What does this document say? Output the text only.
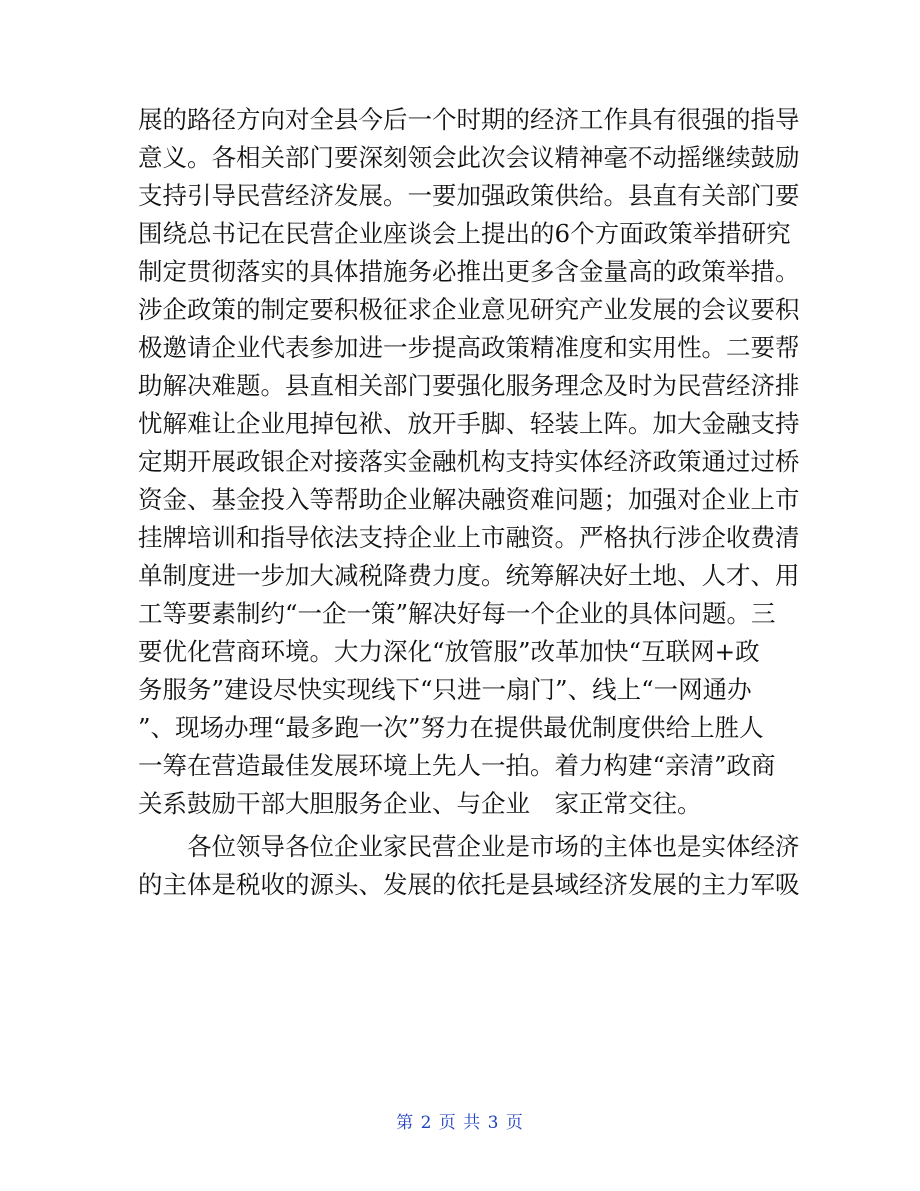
展的路径方向对全县今后一个时期的经济工作具有很强的指导
意义。各相关部门要深刻领会此次会议精神毫不动摇继续鼓励
支持引导民营经济发展。一要加强政策供给。县直有关部门要
围绕总书记在民营企业座谈会上提出的6个方面政策举措研究
制定贯彻落实的具体措施务必推出更多含金量高的政策举措。
涉企政策的制定要积极征求企业意见研究产业发展的会议要积
极邀请企业代表参加进一步提高政策精准度和实用性。二要帮
助解决难题。县直相关部门要强化服务理念及时为民营经济排
忧解难让企业甩掉包袱、放开手脚、轻装上阵。加大金融支持
定期开展政银企对接落实金融机构支持实体经济政策通过过桥
资金、基金投入等帮助企业解决融资难问题；加强对企业上市
挂牌培训和指导依法支持企业上市融资。严格执行涉企收费清
单制度进一步加大减税降费力度。统筹解决好土地、人才、用
工等要素制约“一企一策”解决好每一个企业的具体问题。三
要优化营商环境。大力深化“放管服”改革加快“互联网+政
务服务”建设尽快实现线下“只进一扇门”、线上“一网通办
”、现场办理“最多跑一次”努力在提供最优制度供给上胜人
一筹在营造最佳发展环境上先人一拍。着力构建“亲清”政商
关系鼓励干部大胆服务企业、与企业　家正常交往。
　　各位领导各位企业家民营企业是市场的主体也是实体经济
的主体是税收的源头、发展的依托是县域经济发展的主力军吸
第 2 页 共 3 页
